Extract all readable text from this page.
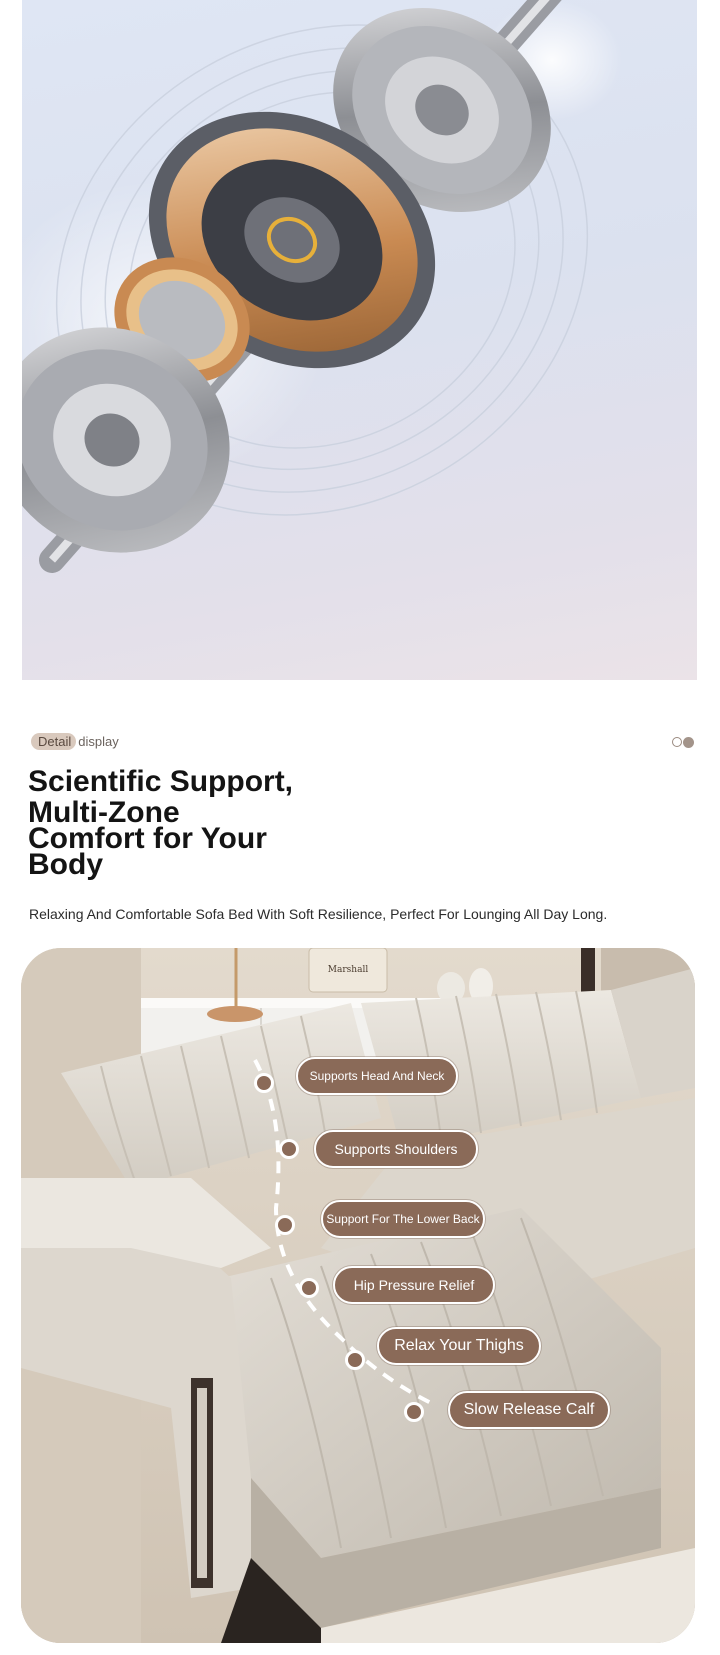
Detail display
Scientific Support,
Multi-Zone
Comfort for Your
Body

Relaxing And Comfortable Sofa Bed With Soft Resilience, Perfect For Lounging All Day Long.

Marshall
Supports Head And Neck
Supports Shoulders
Support For The Lower Back
Hip Pressure Relief
Relax Your Thighs
Slow Release Calf
